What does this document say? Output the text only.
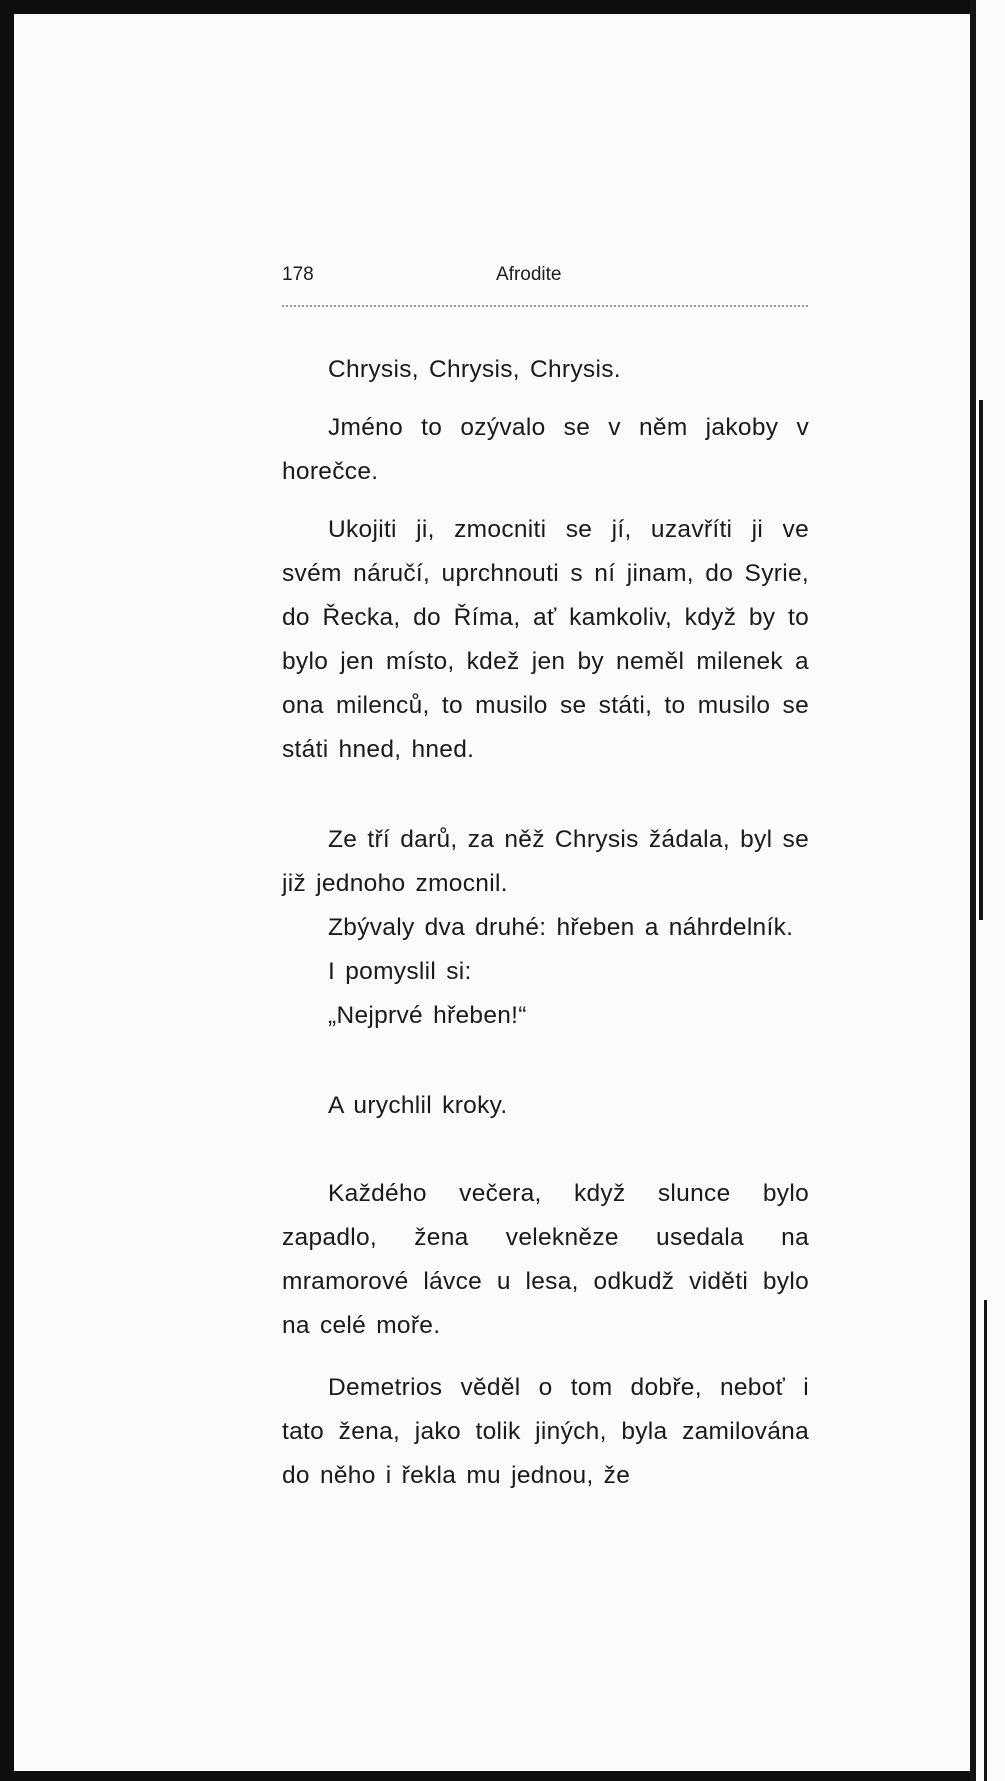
178	Afrodite

Chrysis, Chrysis, Chrysis.

Jméno to ozývalo se v něm jakoby v horečce.

Ukojiti ji, zmocniti se jí, uzavříti ji ve svém náručí, uprchnouti s ní jinam, do Syrie, do Řecka, do Říma, ať kamkoliv, když by to bylo jen místo, kdež jen by neměl milenek a ona milenců, to musilo se státi, to musilo se státi hned, hned.

Ze tří darů, za něž Chrysis žádala, byl se již jednoho zmocnil.

Zbývaly dva druhé: hřeben a náhrdelník.

I pomyslil si:

„Nejprvé hřeben!“

A urychlil kroky.

Každého večera, když slunce bylo zapadlo, žena velekněze usedala na mramorové lávce u lesa, odkudž viděti bylo na celé moře.

Demetrios věděl o tom dobře, neboť i tato žena, jako tolik jiných, byla zamilována do něho i řekla mu jednou, že
